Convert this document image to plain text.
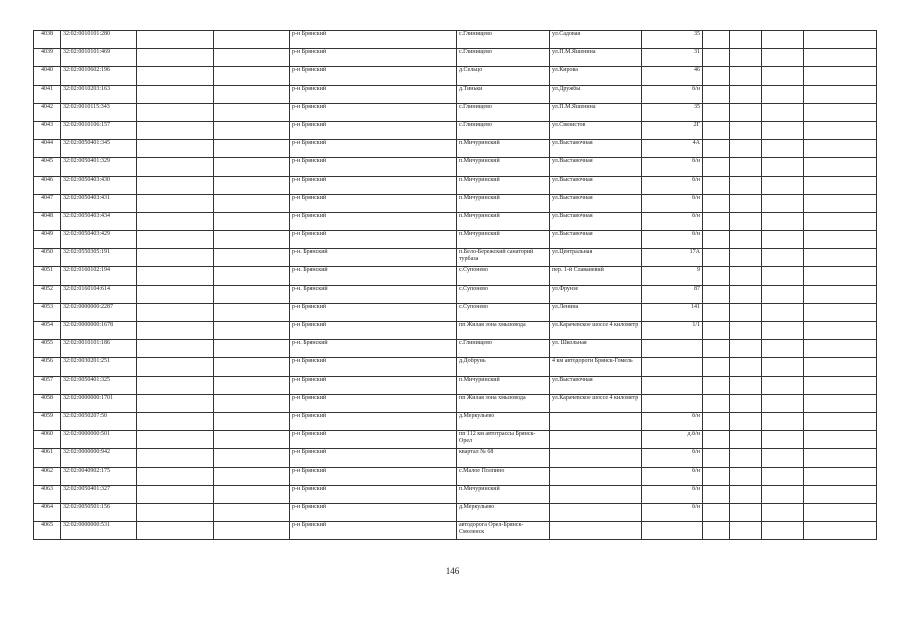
4038	32:02:0010101:280			р-н Брянский	с.Глинищево	ул.Садовая	35				
4039	32:02:0010101:469			р-н Брянский	с.Глинищево	ул.П.М.Яшенина	31				
4040	32:02:0010602:196			р-н Брянский	д.Сельцо	ул.Кирова	46				
4041	32:02:0010203:163			р-н Брянский	д.Тиньки	ул.Дружбы	б/н				
4042	32:02:0010115:343			р-н Брянский	с.Глинищево	ул.П.М.Яшенина	35				
4043	32:02:0010106:157			р-н Брянский	с.Глинищево	ул.Связистов	2Г				
4044	32:02:0050401:345			р-н Брянский	п.Мичуринский	ул.Выставочная	4А				
4045	32:02:0050401:329			р-н Брянский	п.Мичуринский	ул.Выставочная	б/н				
4046	32:02:0050403:430			р-н Брянский	п.Мичуринский	ул.Выставочная	б/н				
4047	32:02:0050403:431			р-н Брянский	п.Мичуринский	ул.Выставочная	б/н				
4048	32:02:0050403:434			р-н Брянский	п.Мичуринский	ул.Выставочная	б/н				
4049	32:02:0050403:429			р-н Брянский	п.Мичуринский	ул.Выставочная	б/н				
4050	32:02:0550305:191			р-н. Брянский	п.Бело-Бережский санаторий турбаза	ул.Центральная	17А				
4051	32:02:0160102:194			р-н. Брянский	с.Супонево	пер. 1-й Славаневий	9				
4052	32:02:0160104:614			р-н. Брянский	с.Супонево	ул.Фрунзе	87				
4053	32:02:0000000:2287			р-н Брянский	с.Супонево	ул.Ленина	141				
4054	32:02:0000000:1678			р-н Брянский	пп Жилая зона хмызовода	ул.Карачевское шоссе 4 километр	1/1				
4055	32:02:0010101:186			р-н. Брянский	с.Глинищево	ул. Школьная					
4056	32:02:0030201:251			р-н Брянский	д.Добрунь	4 км автодороги Брянск-Гомель					
4057	32:02:0050401:325			р-н Брянский	п.Мичуринский	ул.Выставочная					
4058	32:02:0000000:1701			р-н Брянский	пп Жилая зона хмызовода	ул.Карачевское шоссе 4 километр					
4059	32:02:0050207:50			р-н Брянский	д.Меркульево		б/н				
4060	32:02:0000000:501			р-н Брянский	пп 112 км автотрассы Брянск-Орел		д.б/н				
4061	32:02:0000000:942			р-н Брянский	квартал № 68		б/н				
4062	32:02:0040902:175			р-н Брянский	с.Малое Полпино		б/н				
4063	32:02:0050401:327			р-н Брянский	п.Мичуринский		б/н				
4064	32:02:0050501:156			р-н Брянский	д.Меркульево		б/н				
4065	32:02:0000000:531			р-н Брянский	автодорога Орел-Брянск-Смоленск						
146
